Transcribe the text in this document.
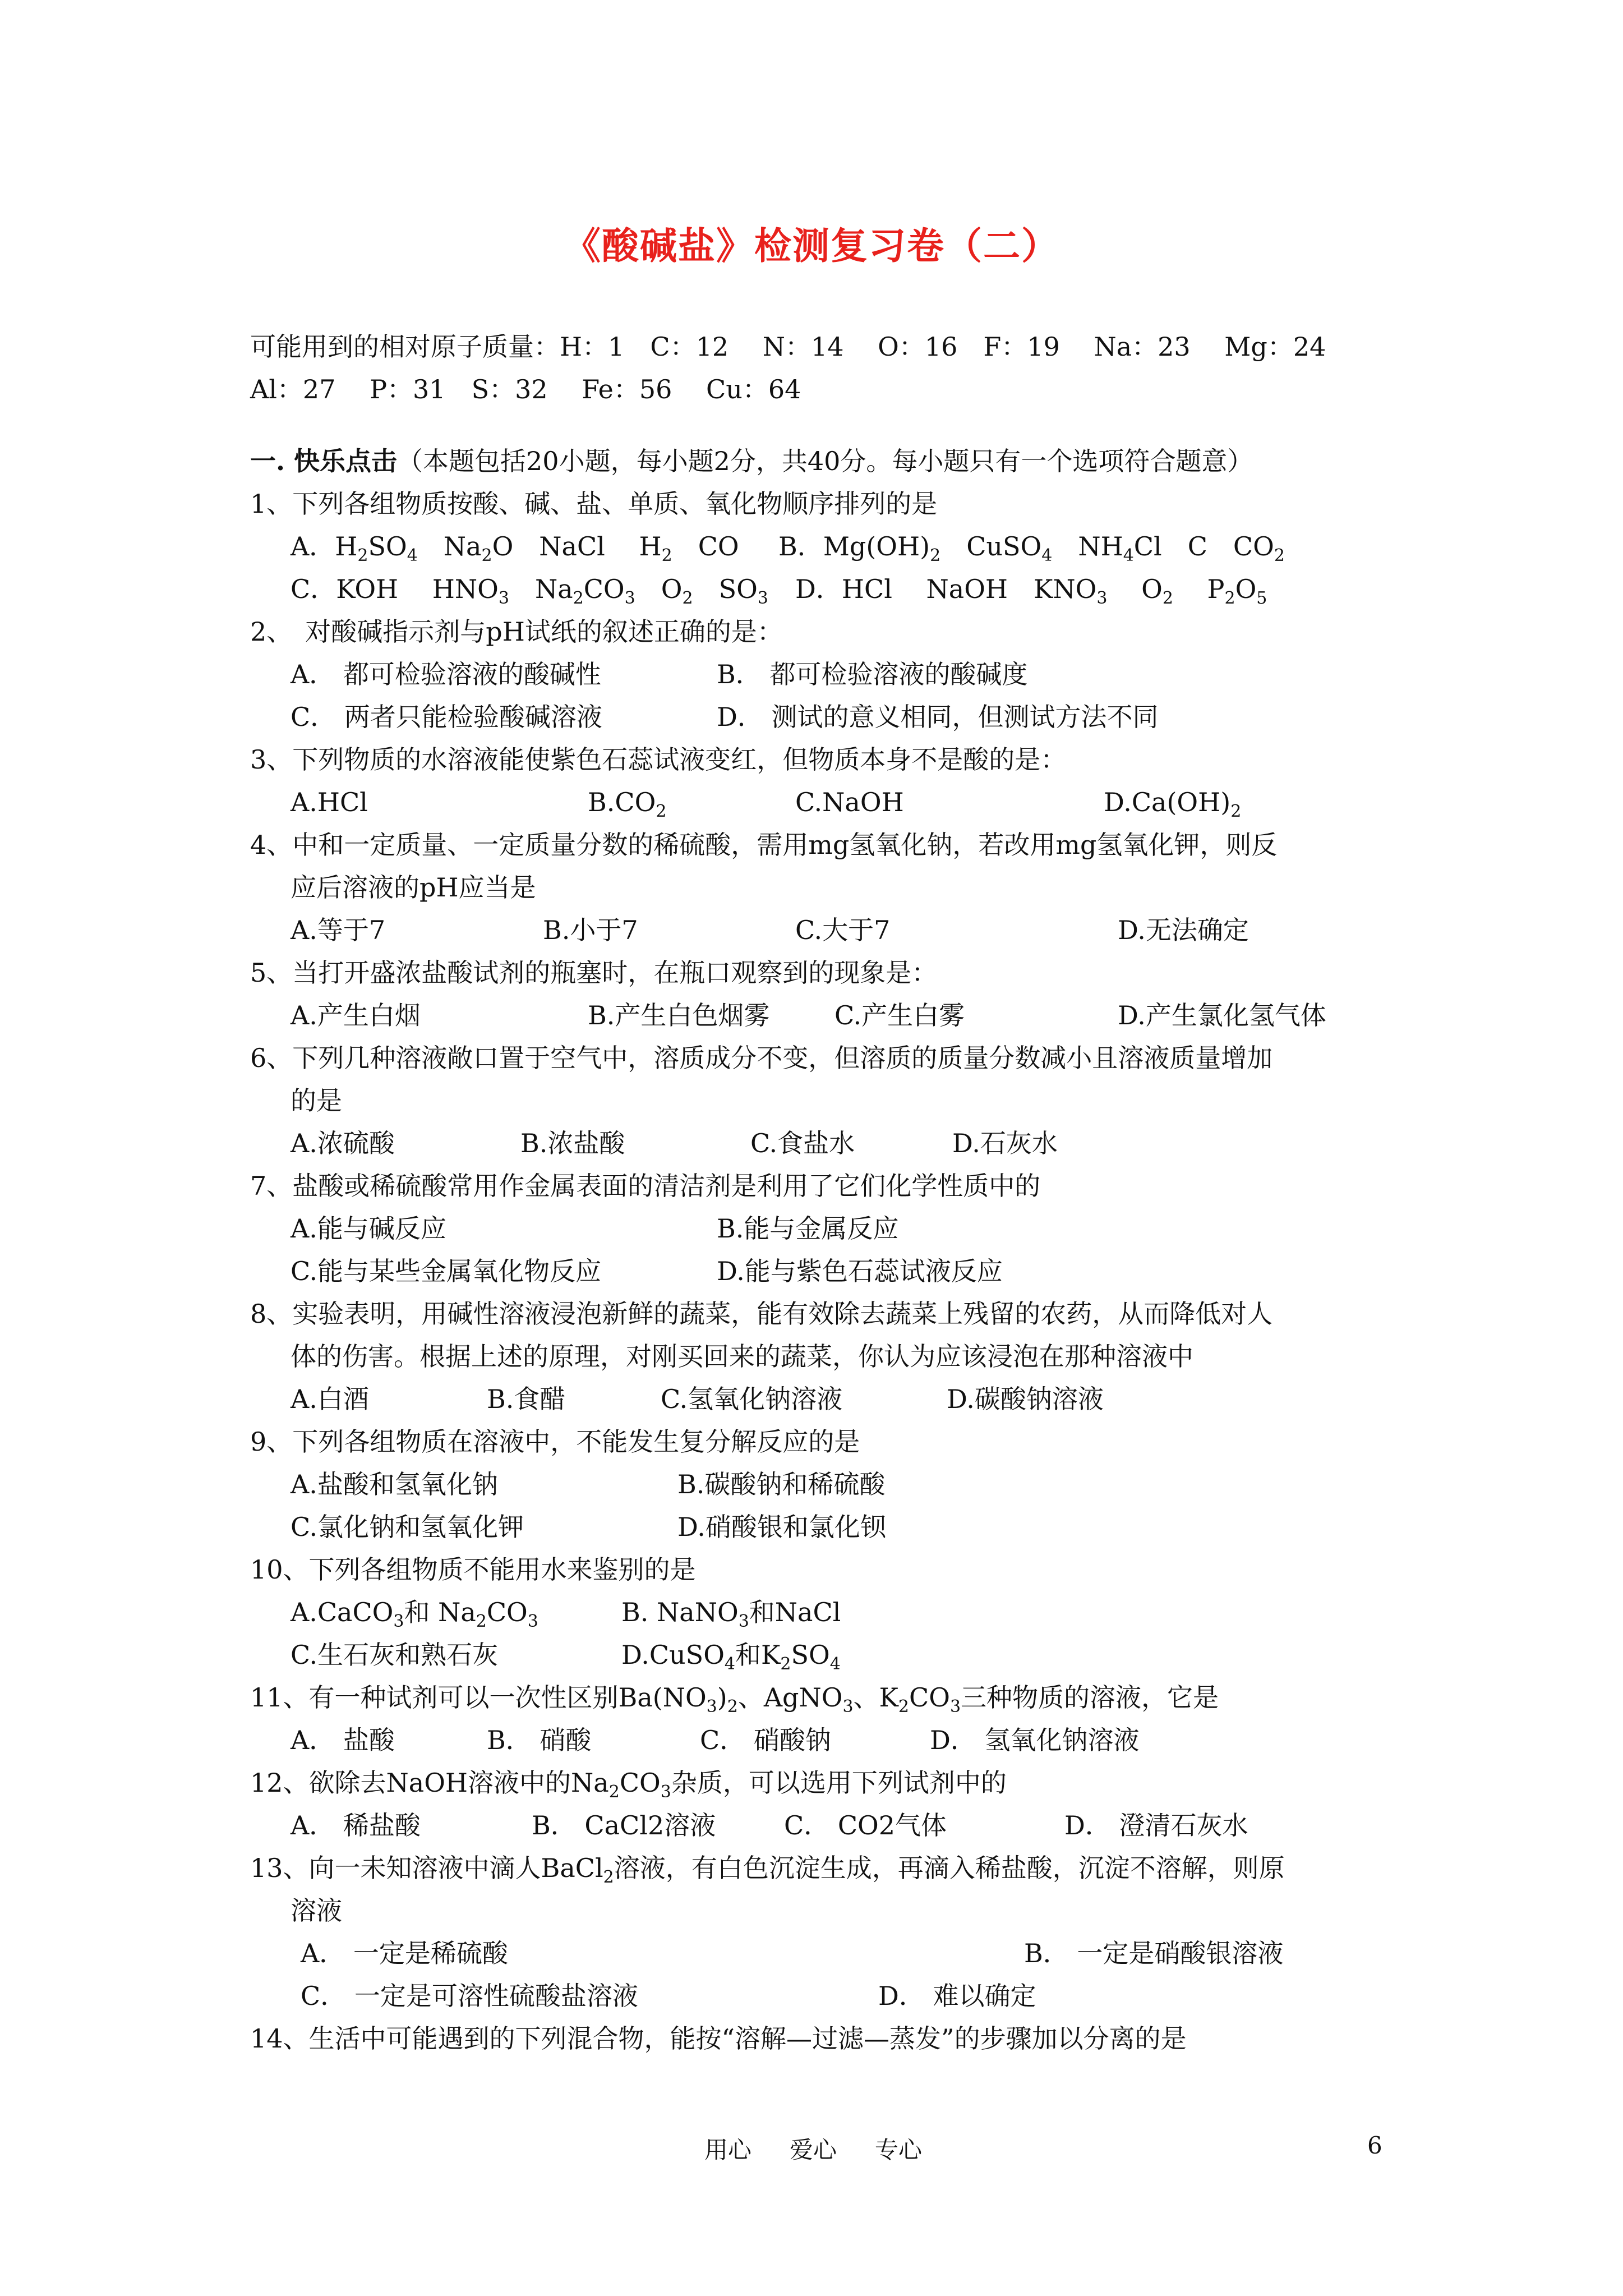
《酸碱盐》检测复习卷（二）
可能用到的相对原子质量：H：1　C：12　 N：14　 O：16　F：19　 Na：23　 Mg：24
Al：27　 P：31　S：32　 Fe：56　 Cu：64
一. 快乐点击（本题包括20小题，每小题2分，共40分。每小题只有一个选项符合题意）
1、下列各组物质按酸、碱、盐、单质、氧化物顺序排列的是
A．$H_2SO_4$　$Na_2O$　NaCl　 $H_2$　CO B．$Mg(OH)_2$　CuSO$_4$　$NH_4Cl$　C　$CO_2$
C．KOH　 $HNO_3$　$Na_2CO_3$　$O_2$　$SO_3$ D．HCl　 NaOH　$KNO_3$　 $O_2$　 $P_2O_5$
2、　对酸碱指示剂与pH试纸的叙述正确的是：
A． 都可检验溶液的酸碱性	B． 都可检验溶液的酸碱度
C． 两者只能检验酸碱溶液	D． 测试的意义相同，但测试方法不同
3、下列物质的水溶液能使紫色石蕊试液变红，但物质本身不是酸的是：
A.HCl	$B.CO_2$	C.NaOH	$D.Ca(OH)_2$
4、中和一定质量、一定质量分数的稀硫酸，需用mg氢氧化钠，若改用mg氢氧化钾，则反
应后溶液的pH应当是
A.等于7	B.小于7	C.大于7	D.无法确定
5、当打开盛浓盐酸试剂的瓶塞时，在瓶口观察到的现象是：
A.产生白烟	B.产生白色烟雾	C.产生白雾	D.产生氯化氢气体
6、下列几种溶液敞口置于空气中，溶质成分不变，但溶质的质量分数减小且溶液质量增加
的是
A.浓硫酸	B.浓盐酸	C.食盐水	D.石灰水
7、盐酸或稀硫酸常用作金属表面的清洁剂是利用了它们化学性质中的
A.能与碱反应	B.能与金属反应
C.能与某些金属氧化物反应	D.能与紫色石蕊试液反应
8、实验表明，用碱性溶液浸泡新鲜的蔬菜，能有效除去蔬菜上残留的农药，从而降低对人
体的伤害。根据上述的原理，对刚买回来的蔬菜，你认为应该浸泡在那种溶液中
A.白酒	B.食醋	C.氢氧化钠溶液	D.碳酸钠溶液
9、下列各组物质在溶液中，不能发生复分解反应的是
A.盐酸和氢氧化钠	B.碳酸钠和稀硫酸
C.氯化钠和氢氧化钾	D.硝酸银和氯化钡
10、下列各组物质不能用水来鉴别的是
A.CaCO$_3$和 $Na_2CO_3$	B. NaNO$_3$和NaCl
C.生石灰和熟石灰	D.CuSO$_4$和$K_2SO_4$
11、有一种试剂可以一次性区别$Ba(NO_3)_2$、AgNO$_3$、$K_2CO_3$三种物质的溶液，它是
A． 盐酸	B． 硝酸	C． 硝酸钠	D． 氢氧化钠溶液
12、欲除去NaOH溶液中的$Na_2CO_3$杂质，可以选用下列试剂中的
A． 稀盐酸	B． CaCl2溶液	C． CO2气体	D． 澄清石灰水
13、向一未知溶液中滴人BaCl$_2$溶液，有白色沉淀生成，再滴入稀盐酸，沉淀不溶解，则原
溶液
A． 一定是稀硫酸	B． 一定是硝酸银溶液
C． 一定是可溶性硫酸盐溶液	D． 难以确定
14、生活中可能遇到的下列混合物，能按“溶解—过滤—蒸发”的步骤加以分离的是
用心 爱心 专心	6
